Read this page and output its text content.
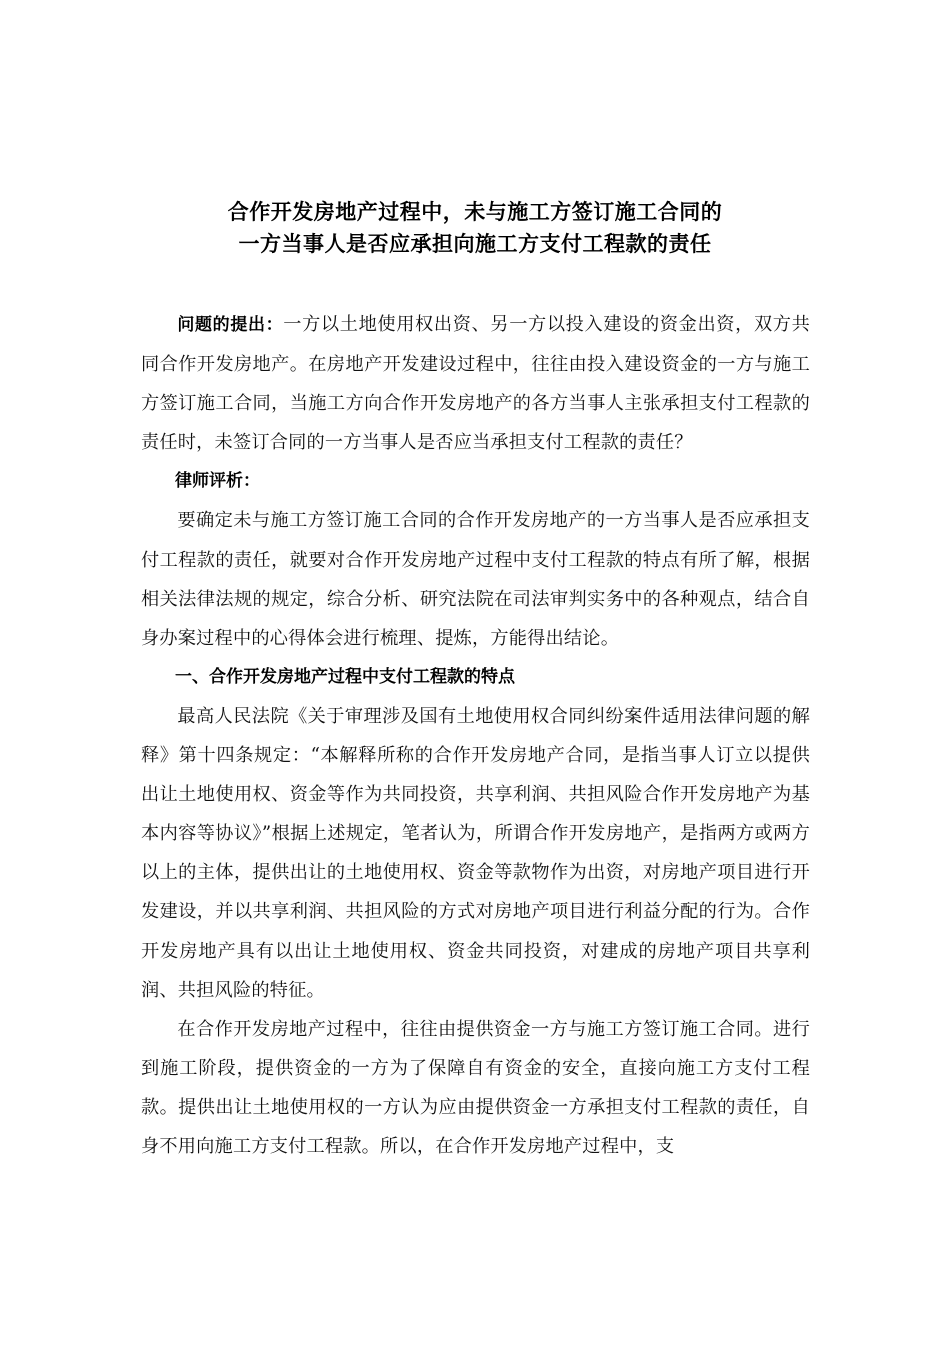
合作开发房地产过程中，未与施工方签订施工合同的
一方当事人是否应承担向施工方支付工程款的责任

问题的提出：一方以土地使用权出资、另一方以投入建设的资金出资，双方共同合作开发房地产。在房地产开发建设过程中，往往由投入建设资金的一方与施工方签订施工合同，当施工方向合作开发房地产的各方当事人主张承担支付工程款的责任时，未签订合同的一方当事人是否应当承担支付工程款的责任？

律师评析：

要确定未与施工方签订施工合同的合作开发房地产的一方当事人是否应承担支付工程款的责任，就要对合作开发房地产过程中支付工程款的特点有所了解，根据相关法律法规的规定，综合分析、研究法院在司法审判实务中的各种观点，结合自身办案过程中的心得体会进行梳理、提炼，方能得出结论。

一、合作开发房地产过程中支付工程款的特点

最高人民法院《关于审理涉及国有土地使用权合同纠纷案件适用法律问题的解释》第十四条规定：“本解释所称的合作开发房地产合同，是指当事人订立以提供出让土地使用权、资金等作为共同投资，共享利润、共担风险合作开发房地产为基本内容等协议》”根据上述规定，笔者认为，所谓合作开发房地产，是指两方或两方以上的主体，提供出让的土地使用权、资金等款物作为出资，对房地产项目进行开发建设，并以共享利润、共担风险的方式对房地产项目进行利益分配的行为。合作开发房地产具有以出让土地使用权、资金共同投资，对建成的房地产项目共享利润、共担风险的特征。

在合作开发房地产过程中，往往由提供资金一方与施工方签订施工合同。进行到施工阶段，提供资金的一方为了保障自有资金的安全，直接向施工方支付工程款。提供出让土地使用权的一方认为应由提供资金一方承担支付工程款的责任，自身不用向施工方支付工程款。所以，在合作开发房地产过程中，支
